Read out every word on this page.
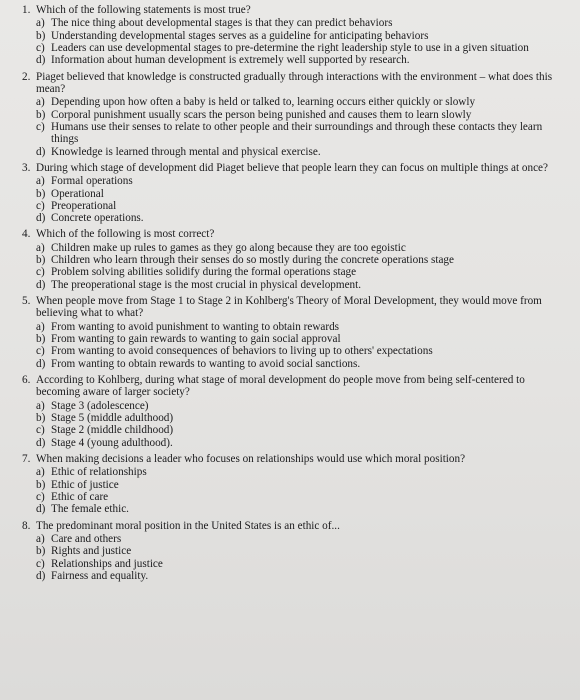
1. Which of the following statements is most true?
a) The nice thing about developmental stages is that they can predict behaviors
b) Understanding developmental stages serves as a guideline for anticipating behaviors
c) Leaders can use developmental stages to pre-determine the right leadership style to use in a given situation
d) Information about human development is extremely well supported by research.
2. Piaget believed that knowledge is constructed gradually through interactions with the environment – what does this mean?
a) Depending upon how often a baby is held or talked to, learning occurs either quickly or slowly
b) Corporal punishment usually scars the person being punished and causes them to learn slowly
c) Humans use their senses to relate to other people and their surroundings and through these contacts they learn things
d) Knowledge is learned through mental and physical exercise.
3. During which stage of development did Piaget believe that people learn they can focus on multiple things at once?
a) Formal operations
b) Operational
c) Preoperational
d) Concrete operations.
4. Which of the following is most correct?
a) Children make up rules to games as they go along because they are too egoistic
b) Children who learn through their senses do so mostly during the concrete operations stage
c) Problem solving abilities solidify during the formal operations stage
d) The preoperational stage is the most crucial in physical development.
5. When people move from Stage 1 to Stage 2 in Kohlberg's Theory of Moral Development, they would move from believing what to what?
a) From wanting to avoid punishment to wanting to obtain rewards
b) From wanting to gain rewards to wanting to gain social approval
c) From wanting to avoid consequences of behaviors to living up to others' expectations
d) From wanting to obtain rewards to wanting to avoid social sanctions.
6. According to Kohlberg, during what stage of moral development do people move from being self-centered to becoming aware of larger society?
a) Stage 3 (adolescence)
b) Stage 5 (middle adulthood)
c) Stage 2 (middle childhood)
d) Stage 4 (young adulthood).
7. When making decisions a leader who focuses on relationships would use which moral position?
a) Ethic of relationships
b) Ethic of justice
c) Ethic of care
d) The female ethic.
8. The predominant moral position in the United States is an ethic of...
a) Care and others
b) Rights and justice
c) Relationships and justice
d) Fairness and equality.
